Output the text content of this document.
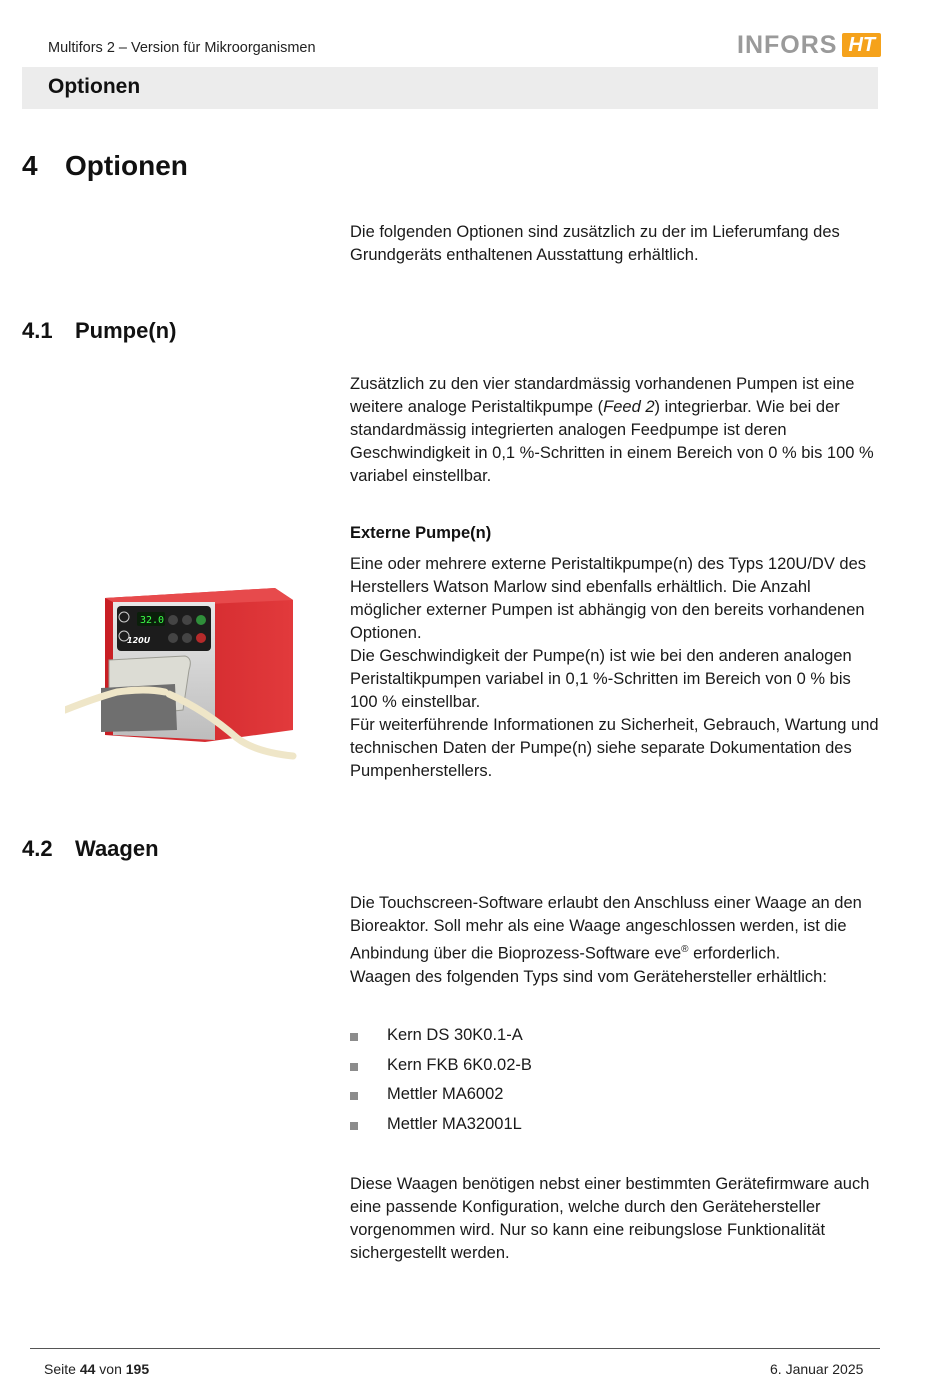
Multifors 2 – Version für Mikroorganismen	INFORS HT
Optionen
4 Optionen

Die folgenden Optionen sind zusätzlich zu der im Lieferumfang des Grundgeräts enthaltenen Ausstattung erhältlich.

4.1 Pumpe(n)

Zusätzlich zu den vier standardmässig vorhandenen Pumpen ist eine weitere analoge Peristaltikpumpe (Feed 2) integrierbar. Wie bei der standardmässig integrierten analogen Feedpumpe ist deren Geschwindigkeit in 0,1 %-Schritten in einem Bereich von 0 % bis 100 % variabel einstellbar.

Externe Pumpe(n)

Eine oder mehrere externe Peristaltikpumpe(n) des Typs 120U/DV des Herstellers Watson Marlow sind ebenfalls erhältlich. Die Anzahl möglicher externer Pumpen ist abhängig von den bereits vorhandenen Optionen.

Die Geschwindigkeit der Pumpe(n) ist wie bei den anderen analogen Peristaltikpumpen variabel in 0,1 %-Schritten im Bereich von 0 % bis 100 % einstellbar.

Für weiterführende Informationen zu Sicherheit, Gebrauch, Wartung und technischen Daten der Pumpe(n) siehe separate Dokumentation des Pumpenherstellers.

32.0
120U
4.2 Waagen

Die Touchscreen-Software erlaubt den Anschluss einer Waage an den Bioreaktor. Soll mehr als eine Waage angeschlossen werden, ist die Anbindung über die Bioprozess-Software eve® erforderlich.

Waagen des folgenden Typs sind vom Gerätehersteller erhältlich:

Kern DS 30K0.1-A
Kern FKB 6K0.02-B
Mettler MA6002
Mettler MA32001L

Diese Waagen benötigen nebst einer bestimmten Gerätefirmware auch eine passende Konfiguration, welche durch den Gerätehersteller vorgenommen wird. Nur so kann eine reibungslose Funktionalität sichergestellt werden.

Seite 44 von 195	6. Januar 2025
